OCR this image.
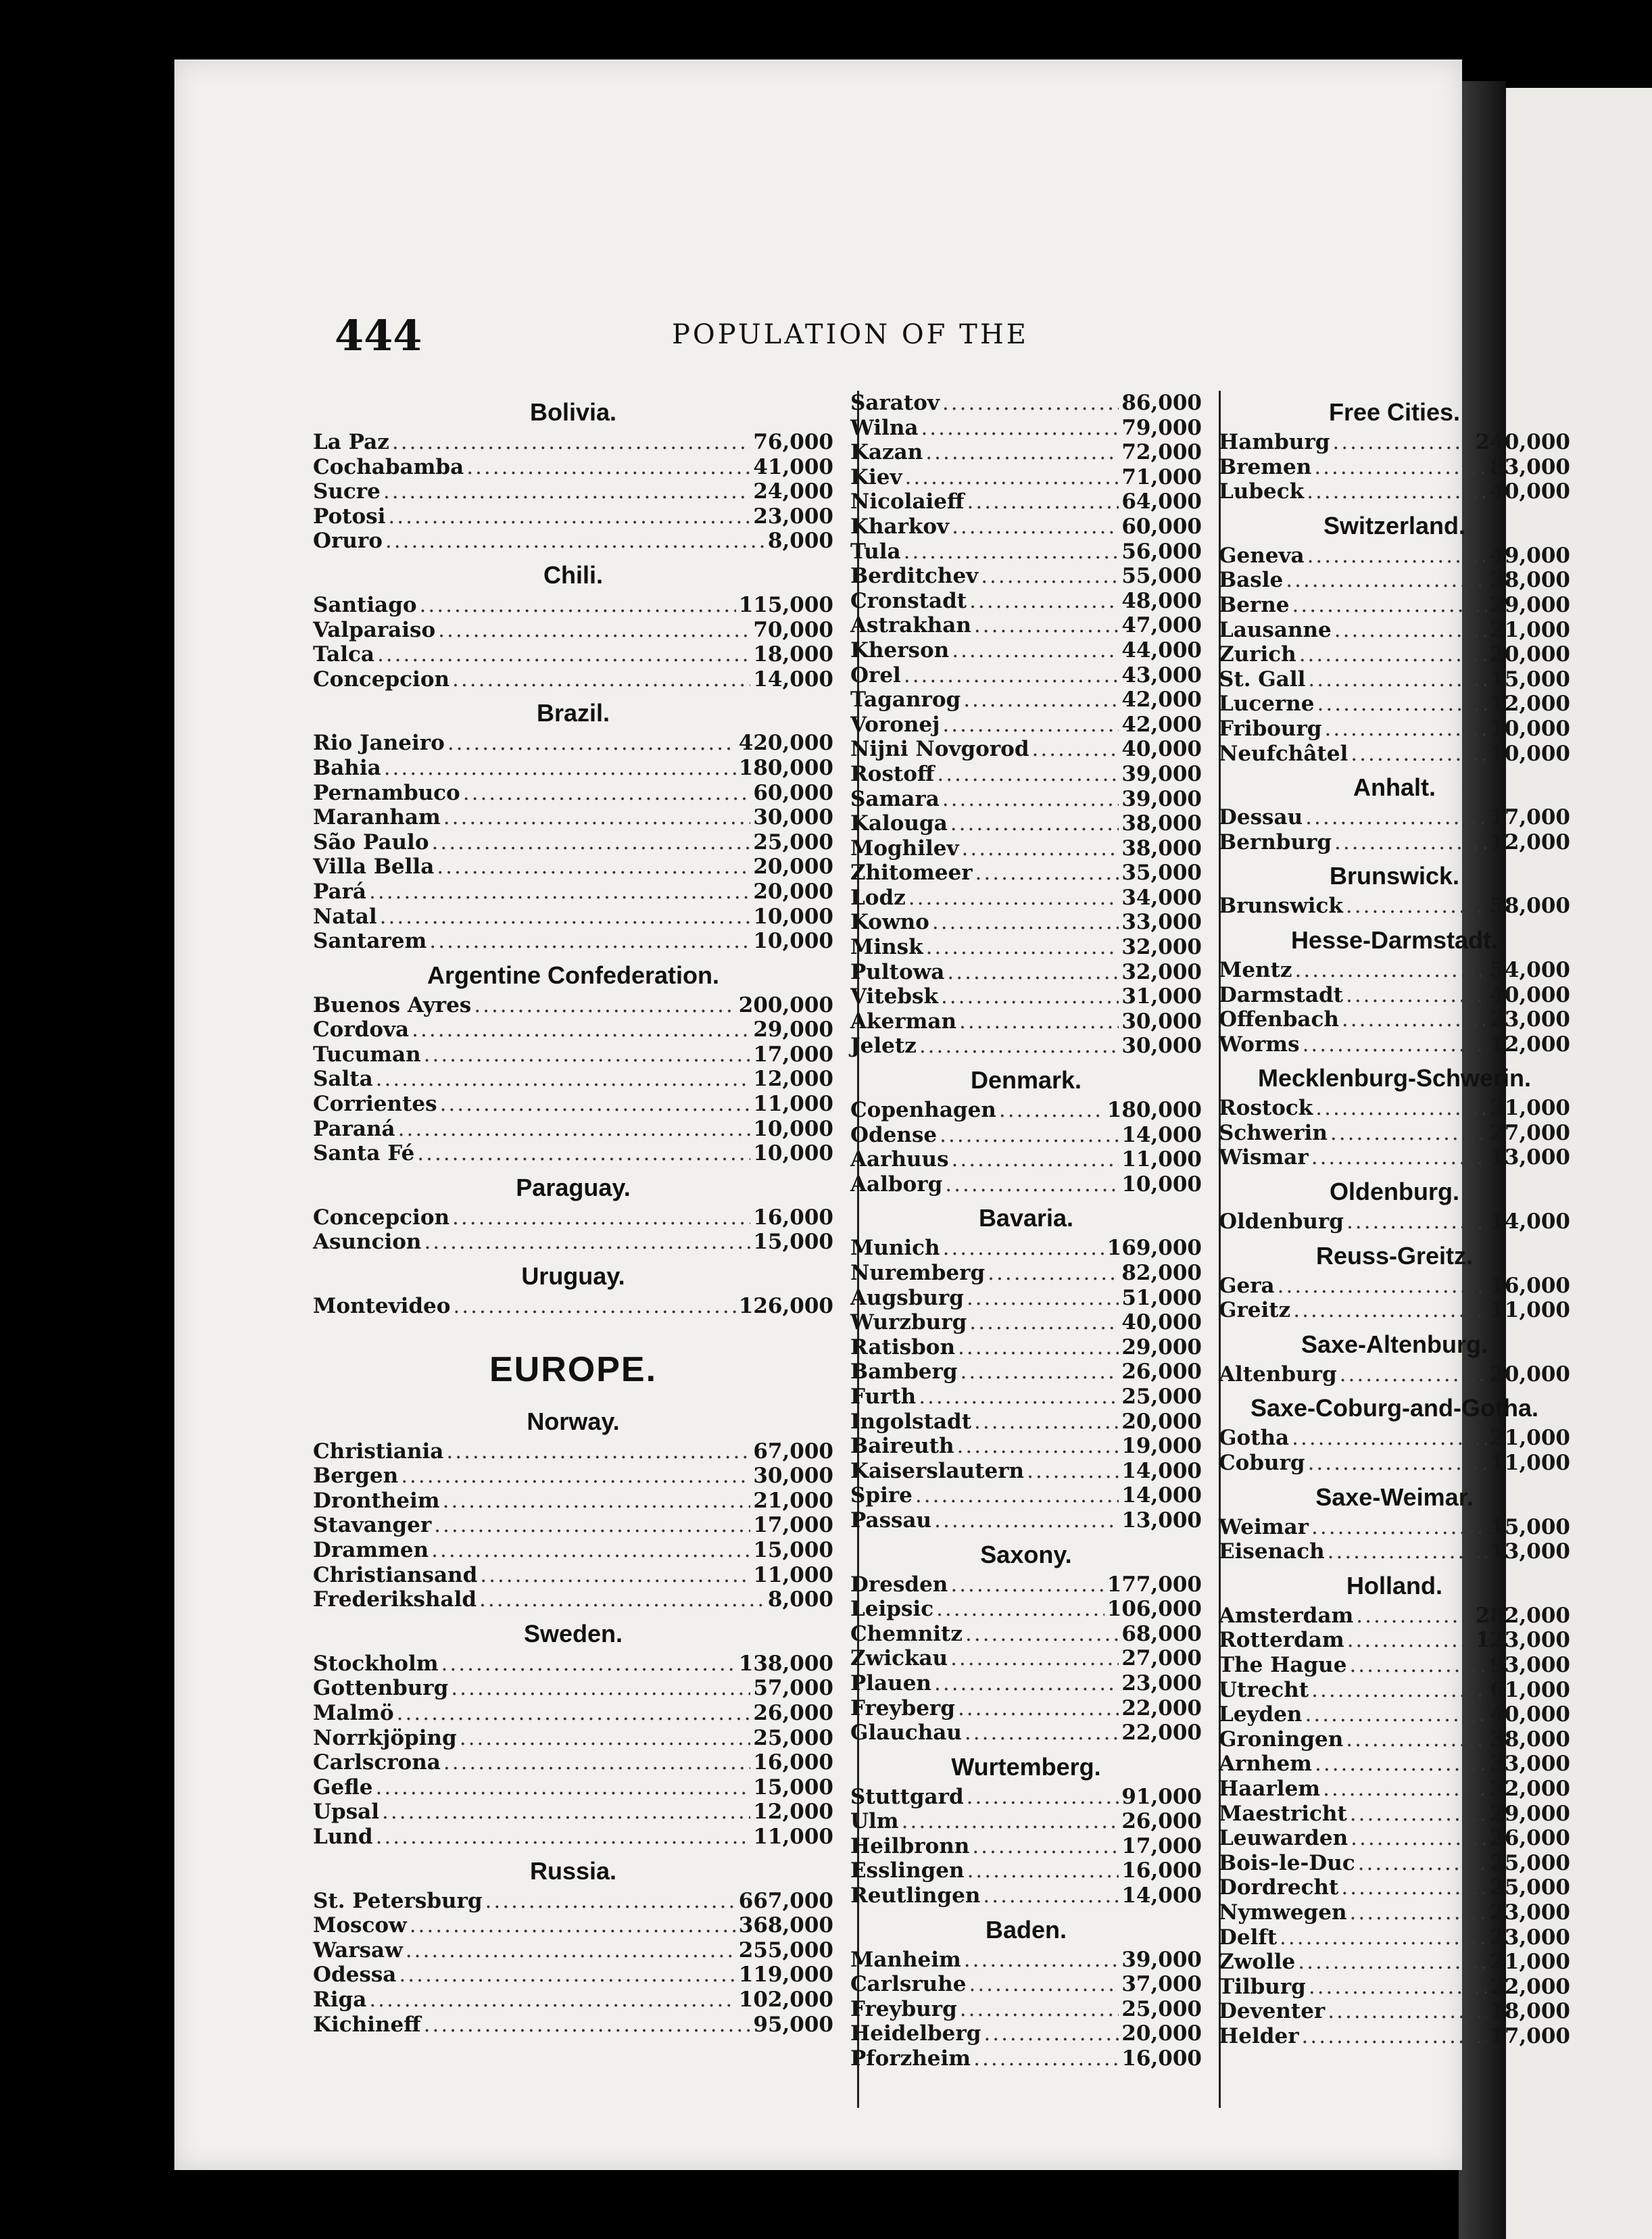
444	POPULATION OF THE
Bolivia.
La Paz .....	76,000
Cochabamba .....	41,000
Sucre .....	24,000
Potosi .....	23,000
Oruro .....	8,000
Chili.
Santiago .....	115,000
Valparaiso .....	70,000
Talca .....	18,000
Concepcion .....	14,000
Brazil.
Rio Janeiro .....	420,000
Bahia .....	180,000
Pernambuco .....	60,000
Maranham .....	30,000
São Paulo .....	25,000
Villa Bella .....	20,000
Pará .....	20,000
Natal .....	10,000
Santarem .....	10,000
Argentine Confederation.
Buenos Ayres .....	200,000
Cordova .....	29,000
Tucuman .....	17,000
Salta .....	12,000
Corrientes .....	11,000
Paraná .....	10,000
Santa Fé .....	10,000
Paraguay.
Concepcion .....	16,000
Asuncion .....	15,000
Uruguay.
Montevideo .....	126,000
EUROPE.
Norway.
Christiania .....	67,000
Bergen .....	30,000
Drontheim .....	21,000
Stavanger .....	17,000
Drammen .....	15,000
Christiansand .....	11,000
Frederikshald .....	8,000
Sweden.
Stockholm .....	138,000
Gottenburg .....	57,000
Malmö .....	26,000
Norrkjöping .....	25,000
Carlscrona .....	16,000
Gefle .....	15,000
Upsal .....	12,000
Lund .....	11,000
Russia.
St. Petersburg .....	667,000
Moscow .....	368,000
Warsaw .....	255,000
Odessa .....	119,000
Riga .....	102,000
Kichineff .....	95,000
Saratov .....	86,000
Wilna .....	79,000
Kazan .....	72,000
Kiev .....	71,000
Nicolaieff .....	64,000
Kharkov .....	60,000
Tula .....	56,000
Berditchev .....	55,000
Cronstadt .....	48,000
Astrakhan .....	47,000
Kherson .....	44,000
Orel .....	43,000
Taganrog .....	42,000
Voronej .....	42,000
Nijni Novgorod .....	40,000
Rostoff .....	39,000
Samara .....	39,000
Kalouga .....	38,000
Moghilev .....	38,000
Zhitomeer .....	35,000
Lodz .....	34,000
Kowno .....	33,000
Minsk .....	32,000
Pultowa .....	32,000
Vitebsk .....	31,000
Akerman .....	30,000
Jeletz .....	30,000
Denmark.
Copenhagen .....	180,000
Odense .....	14,000
Aarhuus .....	11,000
Aalborg .....	10,000
Bavaria.
Munich .....	169,000
Nuremberg .....	82,000
Augsburg .....	51,000
Wurzburg .....	40,000
Ratisbon .....	29,000
Bamberg .....	26,000
Furth .....	25,000
Ingolstadt .....	20,000
Baireuth .....	19,000
Kaiserslautern .....	14,000
Spire .....	14,000
Passau .....	13,000
Saxony.
Dresden .....	177,000
Leipsic .....	106,000
Chemnitz .....	68,000
Zwickau .....	27,000
Plauen .....	23,000
Freyberg .....	22,000
Glauchau .....	22,000
Wurtemberg.
Stuttgard .....	91,000
Ulm .....	26,000
Heilbronn .....	17,000
Esslingen .....	16,000
Reutlingen .....	14,000
Baden.
Manheim .....	39,000
Carlsruhe .....	37,000
Freyburg .....	25,000
Heidelberg .....	20,000
Pforzheim .....	16,000
Free Cities.
Hamburg .....	240,000
Bremen .....	83,000
Lubeck .....	40,000
Switzerland.
Geneva .....	49,000
Basle .....	38,000
Berne .....	29,000
Lausanne .....	21,000
Zurich .....	20,000
St. Gall .....	15,000
Lucerne .....	12,000
Fribourg .....	10,000
Neufchâtel .....	10,000
Anhalt.
Dessau .....	17,000
Bernburg .....	12,000
Brunswick.
Brunswick .....	58,000
Hesse-Darmstadt.
Mentz .....	54,000
Darmstadt .....	40,000
Offenbach .....	23,000
Worms .....	12,000
Mecklenburg-Schwerin.
Rostock .....	31,000
Schwerin .....	27,000
Wismar .....	13,000
Oldenburg.
Oldenburg .....	14,000
Reuss-Greitz.
Gera .....	16,000
Greitz .....	11,000
Saxe-Altenburg.
Altenburg .....	20,000
Saxe-Coburg-and-Gotha.
Gotha .....	21,000
Coburg .....	11,000
Saxe-Weimar.
Weimar .....	15,000
Eisenach .....	13,000
Holland.
Amsterdam .....	282,000
Rotterdam .....	123,000
The Hague .....	93,000
Utrecht .....	61,000
Leyden .....	40,000
Groningen .....	38,000
Arnhem .....	33,000
Haarlem .....	32,000
Maestricht .....	29,000
Leuwarden .....	26,000
Bois-le-Duc .....	25,000
Dordrecht .....	25,000
Nymwegen .....	23,000
Delft .....	23,000
Zwolle .....	21,000
Tilburg .....	22,000
Deventer .....	18,000
Helder .....	17,000
